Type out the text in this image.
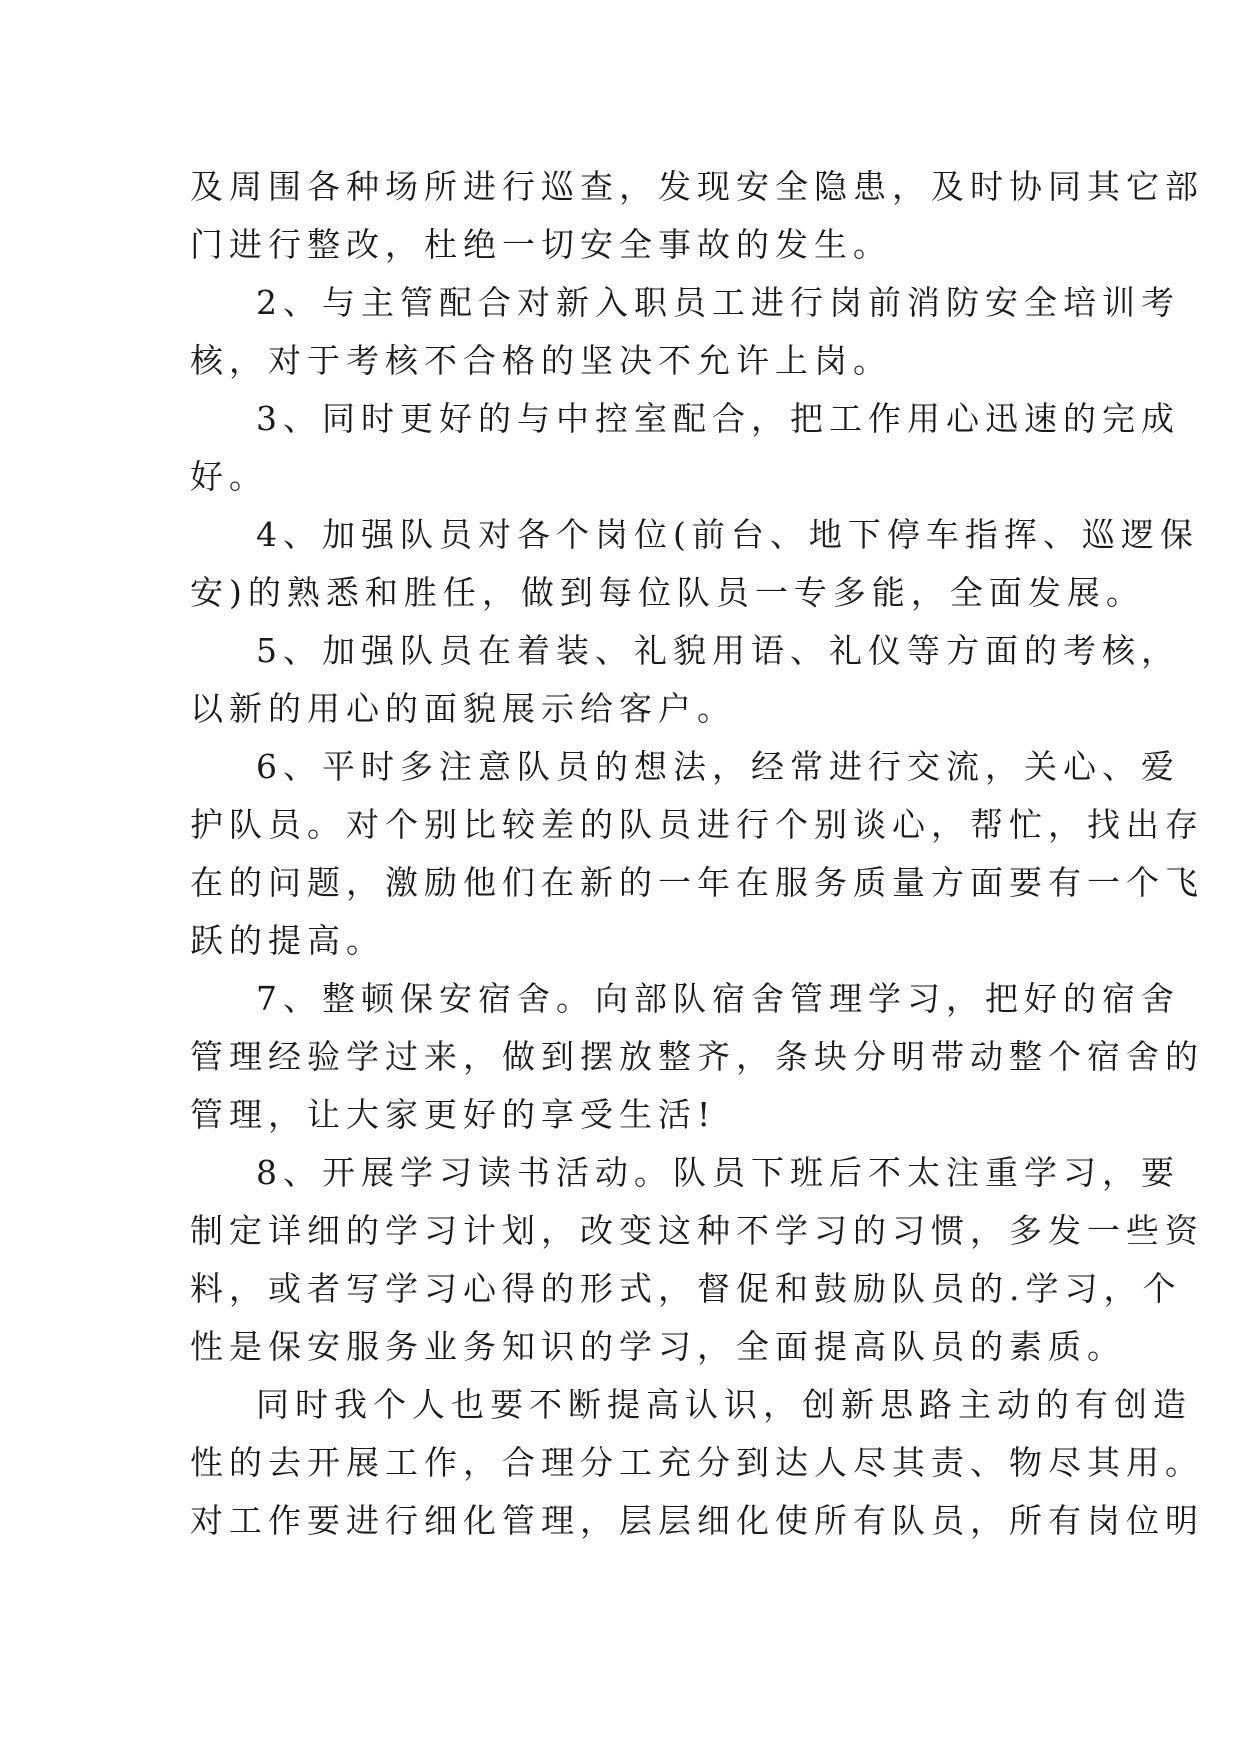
及周围各种场所进行巡查，发现安全隐患，及时协同其它部
门进行整改，杜绝一切安全事故的发生。

2、与主管配合对新入职员工进行岗前消防安全培训考
核，对于考核不合格的坚决不允许上岗。

3、同时更好的与中控室配合，把工作用心迅速的完成
好。

4、加强队员对各个岗位(前台、地下停车指挥、巡逻保
安)的熟悉和胜任，做到每位队员一专多能，全面发展。

5、加强队员在着装、礼貌用语、礼仪等方面的考核，
以新的用心的面貌展示给客户。

6、平时多注意队员的想法，经常进行交流，关心、爱
护队员。对个别比较差的队员进行个别谈心，帮忙，找出存
在的问题，激励他们在新的一年在服务质量方面要有一个飞
跃的提高。

7、整顿保安宿舍。向部队宿舍管理学习，把好的宿舍
管理经验学过来，做到摆放整齐，条块分明带动整个宿舍的
管理，让大家更好的享受生活!

8、开展学习读书活动。队员下班后不太注重学习，要
制定详细的学习计划，改变这种不学习的习惯，多发一些资
料，或者写学习心得的形式，督促和鼓励队员的.学习，个
性是保安服务业务知识的学习，全面提高队员的素质。

同时我个人也要不断提高认识，创新思路主动的有创造
性的去开展工作，合理分工充分到达人尽其责、物尽其用。
对工作要进行细化管理，层层细化使所有队员，所有岗位明
